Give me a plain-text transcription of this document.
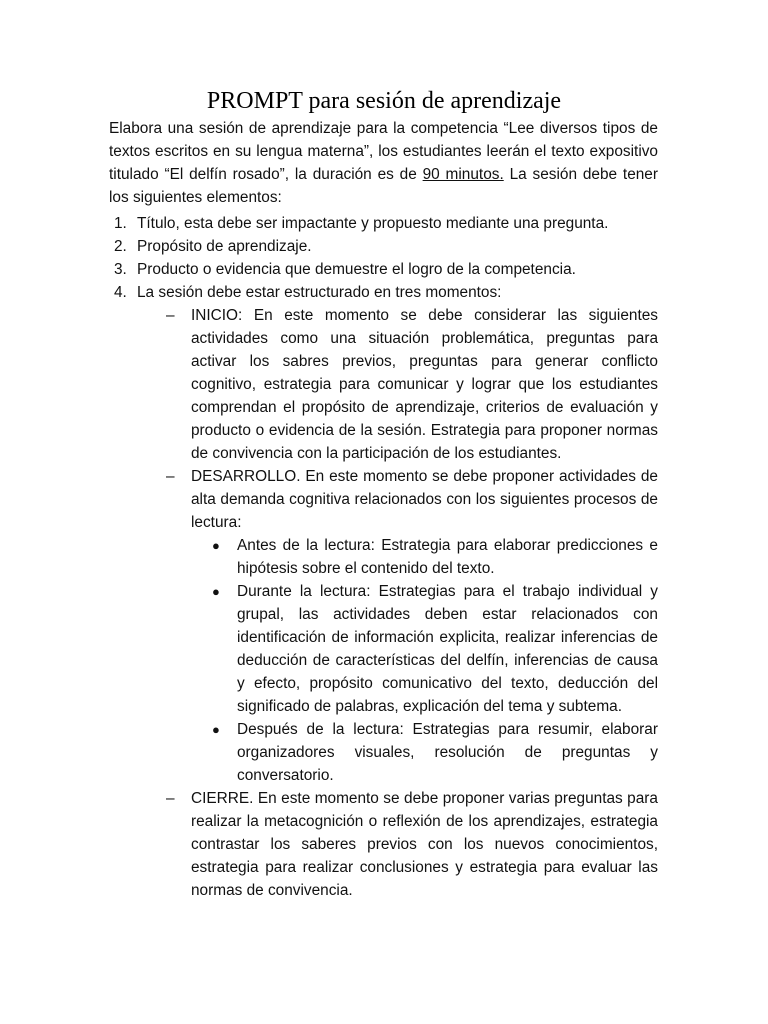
PROMPT para sesión de aprendizaje
Elabora una sesión de aprendizaje para la competencia “Lee diversos tipos de textos escritos en su lengua materna”, los estudiantes leerán el texto expositivo titulado “El delfín rosado”, la duración es de 90 minutos. La sesión debe tener los siguientes elementos:
1. Título, esta debe ser impactante y propuesto mediante una pregunta.
2. Propósito de aprendizaje.
3. Producto o evidencia que demuestre el logro de la competencia.
4. La sesión debe estar estructurado en tres momentos:
– INICIO: En este momento se debe considerar las siguientes actividades como una situación problemática, preguntas para activar los sabres previos, preguntas para generar conflicto cognitivo, estrategia para comunicar y lograr que los estudiantes comprendan el propósito de aprendizaje, criterios de evaluación y producto o evidencia de la sesión. Estrategia para proponer normas de convivencia con la participación de los estudiantes.
– DESARROLLO. En este momento se debe proponer actividades de alta demanda cognitiva relacionados con los siguientes procesos de lectura:
● Antes de la lectura: Estrategia para elaborar predicciones e hipótesis sobre el contenido del texto.
● Durante la lectura: Estrategias para el trabajo individual y grupal, las actividades deben estar relacionados con identificación de información explicita, realizar inferencias de deducción de características del delfín, inferencias de causa y efecto, propósito comunicativo del texto, deducción del significado de palabras, explicación del tema y subtema.
● Después de la lectura: Estrategias para resumir, elaborar organizadores visuales, resolución de preguntas y conversatorio.
– CIERRE. En este momento se debe proponer varias preguntas para realizar la metacognición o reflexión de los aprendizajes, estrategia contrastar los saberes previos con los nuevos conocimientos, estrategia para realizar conclusiones y estrategia para evaluar las normas de convivencia.
